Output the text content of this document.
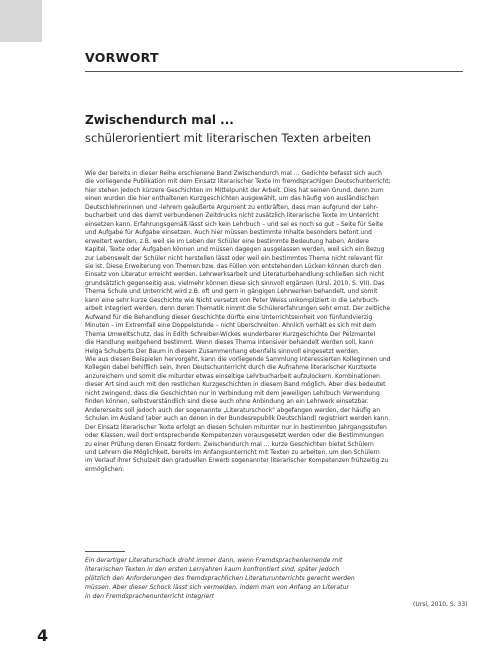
VORWORT
Zwischendurch mal ...
schülerorientiert mit literarischen Texten arbeiten
Wie der bereits in dieser Reihe erschienene Band Zwischendurch mal … Gedichte befasst sich auch
die vorliegende Publikation mit dem Einsatz literarischer Texte im fremdsprachigen Deutschunterricht;
hier stehen jedoch kürzere Geschichten im Mittelpunkt der Arbeit. Dies hat seinen Grund, denn zum
einen wurden die hier enthaltenen Kurzgeschichten ausgewählt, um das häufig von ausländischen
Deutschlehrerinnen und -lehrern geäußerte Argument zu entkräften, dass man aufgrund der Lehr-
bucharbeit und des damit verbundenen Zeitdrucks nicht zusätzlich literarische Texte im Unterricht
einsetzen kann. Erfahrungsgemäß lässt sich kein Lehrbuch – und sei es noch so gut – Seite für Seite
und Aufgabe für Aufgabe einsetzen. Auch hier müssen bestimmte Inhalte besonders betont und
erweitert werden, z.B. weil sie im Leben der Schüler eine bestimmte Bedeutung haben. Andere
Kapitel, Texte oder Aufgaben können und müssen dagegen ausgelassen werden, weil sich ein Bezug
zur Lebenswelt der Schüler nicht herstellen lässt oder weil ein bestimmtes Thema nicht relevant für
sie ist. Diese Erweiterung von Themen bzw. das Füllen von entstehenden Lücken können durch den
Einsatz von Literatur erreicht werden. Lehrwerksarbeit und Literaturbehandlung schließen sich nicht
grundsätzlich gegenseitig aus, vielmehr können diese sich sinnvoll ergänzen (Ursl, 2010, S. VII). Das
Thema Schule und Unterricht wird z.B. oft und gern in gängigen Lehrwerken behandelt, und somit
kann eine sehr kurze Geschichte wie Nicht versetzt von Peter Weiss unkompliziert in die Lehrbuch-
arbeit integriert werden, denn deren Thematik nimmt die Schülererfahrungen sehr ernst. Der zeitliche
Aufwand für die Behandlung dieser Geschichte dürfte eine Unterrichtseinheit von fünfundvierzig
Minuten – im Extremfall eine Doppelstunde – nicht überschreiten. Ähnlich verhält es sich mit dem
Thema Umweltschutz, das in Edith Schreiber-Wickes wunderbarer Kurzgeschichte Der Pelzmantel
die Handlung weitgehend bestimmt. Wenn dieses Thema intensiver behandelt werden soll, kann
Helga Schuberts Der Baum in diesem Zusammenhang ebenfalls sinnvoll eingesetzt werden.
Wie aus diesen Beispielen hervorgeht, kann die vorliegende Sammlung interessierten Kolleginnen und
Kollegen dabei behilflich sein, ihren Deutschunterricht durch die Aufnahme literarischer Kurztexte
anzureichern und somit die mitunter etwas einseitige Lehrbucharbeit aufzulockern. Kombinationen
dieser Art sind auch mit den restlichen Kurzgeschichten in diesem Band möglich. Aber dies bedeutet
nicht zwingend, dass die Geschichten nur in Verbindung mit dem jeweiligen Lehrbuch Verwendung
finden können, selbstverständlich sind diese auch ohne Anbindung an ein Lehrwerk einsetzbar.
Andererseits soll jedoch auch der sogenannte „Literaturschock" abgefangen werden, der häufig an
Schulen im Ausland (aber auch an denen in der Bundesrepublik Deutschland) registriert werden kann.
Der Einsatz literarischer Texte erfolgt an diesen Schulen mitunter nur in bestimmten Jahrgangsstufen
oder Klassen, weil dort entsprechende Kompetenzen vorausgesetzt werden oder die Bestimmungen
zu einer Prüfung deren Einsatz fordern. Zwischendurch mal … kurze Geschichten bietet Schülern
und Lehrern die Möglichkeit, bereits im Anfangsunterricht mit Texten zu arbeiten, um den Schülern
im Verlauf ihrer Schulzeit den graduellen Erwerb sogenannter literarischer Kompetenzen frühzeitig zu
ermöglichen:
Ein derartiger Literaturschock droht immer dann, wenn Fremdsprachenlernende mit
literarischen Texten in den ersten Lernjahren kaum konfrontiert sind, später jedoch
plötzlich den Anforderungen des fremdsprachlichen Literaturunterrichts gerecht werden
müssen. Aber dieser Schock lässt sich vermeiden, indem man von Anfang an Literatur
in den Fremdsprachenunterricht integriert
(Ursl, 2010, S. 33)
4
